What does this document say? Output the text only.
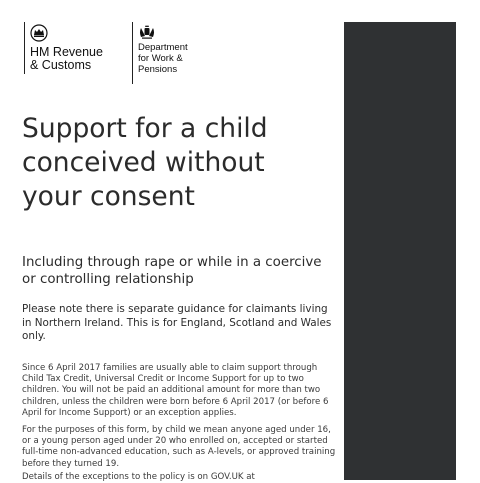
HM Revenue
& Customs
Department
for Work &
Pensions
Support for a child conceived without your consent

Including through rape or while in a coercive or controlling relationship

Please note there is separate guidance for claimants living in Northern Ireland. This is for England, Scotland and Wales only.

Since 6 April 2017 families are usually able to claim support through Child Tax Credit, Universal Credit or Income Support for up to two children. You will not be paid an additional amount for more than two children, unless the children were born before 6 April 2017 (or before 6 April for Income Support) or an exception applies.

For the purposes of this form, by child we mean anyone aged under 16, or a young person aged under 20 who enrolled on, accepted or started full-time non-advanced education, such as A-levels, or approved training before they turned 19.

Details of the exceptions to the policy is on GOV.UK at
